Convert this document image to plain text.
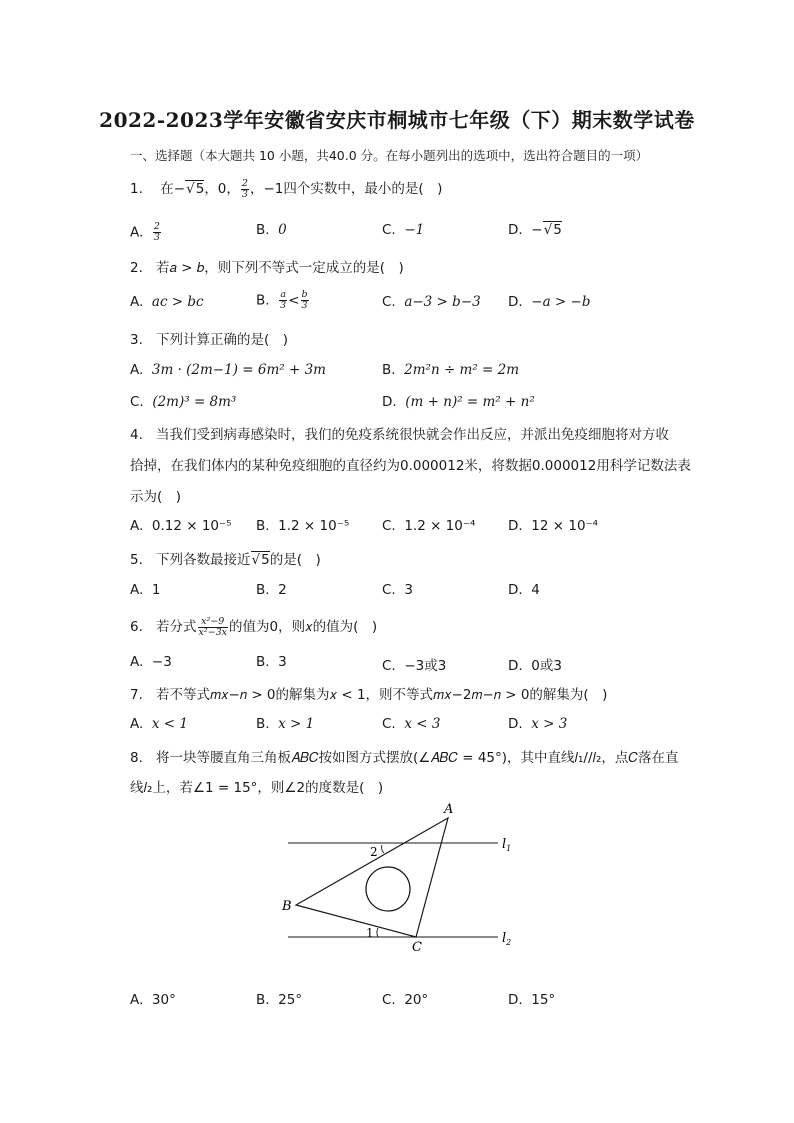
2022-2023学年安徽省安庆市桐城市七年级（下）期末数学试卷
一、选择题（本大题共 10 小题，共40.0 分。在每小题列出的选项中，选出符合题目的一项）
1. 在−√5，0， $\frac{2}{3}$ ，−1四个实数中，最小的是(　)
A. $\frac{2}{3}$	B. 0	C. −1	D. −√5
2. 若𝑎 > 𝑏，则下列不等式一定成立的是(　)
A. 𝑎𝑐 > 𝑏𝑐	B. $\frac{\text{𝑎}}{3} < \frac{\text{𝑏}}{3}$	C. 𝑎−3 > 𝑏−3 D. −𝑎 > −𝑏
3. 下列计算正确的是(　)
A. 3𝑚 · (2𝑚−1) = 6𝑚² + 3𝑚	B. 2𝑚²𝑛 ÷ 𝑚² = 2𝑚
C. (2𝑚)³ = 8𝑚³	D. (𝑚 + 𝑛)² = 𝑚² + 𝑛²
4. 当我们受到病毒感染时，我们的免疫系统很快就会作出反应，并派出免疫细胞将对方收
拾掉，在我们体内的某种免疫细胞的直径约为0.000012米，将数据0.000012用科学记数法表
示为(　)
A. 0.12 × 10⁻⁵ B. 1.2 × 10⁻⁵ C. 1.2 × 10⁻⁴ D. 12 × 10⁻⁴
5. 下列各数最接近√5的是(　)
A. 1	B. 2	C. 3	D. 4
6. 若分式 $\frac{\text{𝑥²−9}}{\text{𝑥²−3𝑥}}$ 的值为0，则𝑥的值为(　)
A. −3	B. 3	C. −3或3	D. 0或3
7. 若不等式𝑚𝑥−𝑛 > 0的解集为𝑥 < 1，则不等式𝑚𝑥−2𝑚−𝑛 > 0的解集为(　)
A. 𝑥 < 1	B. 𝑥 > 1	C. 𝑥 < 3	D. 𝑥 > 3
8. 将一块等腰直角三角板𝐴𝐵𝐶按如图方式摆放(∠𝐴𝐵𝐶 = 45°)，其中直线𝑙₁//𝑙₂，点𝐶落在直
线𝑙₂上，若∠1 = 15°，则∠2的度数是(　)
A
B
C
2
1
$l_1$
$l_2$
A. 30°	B. 25°	C. 20°	D. 15°
